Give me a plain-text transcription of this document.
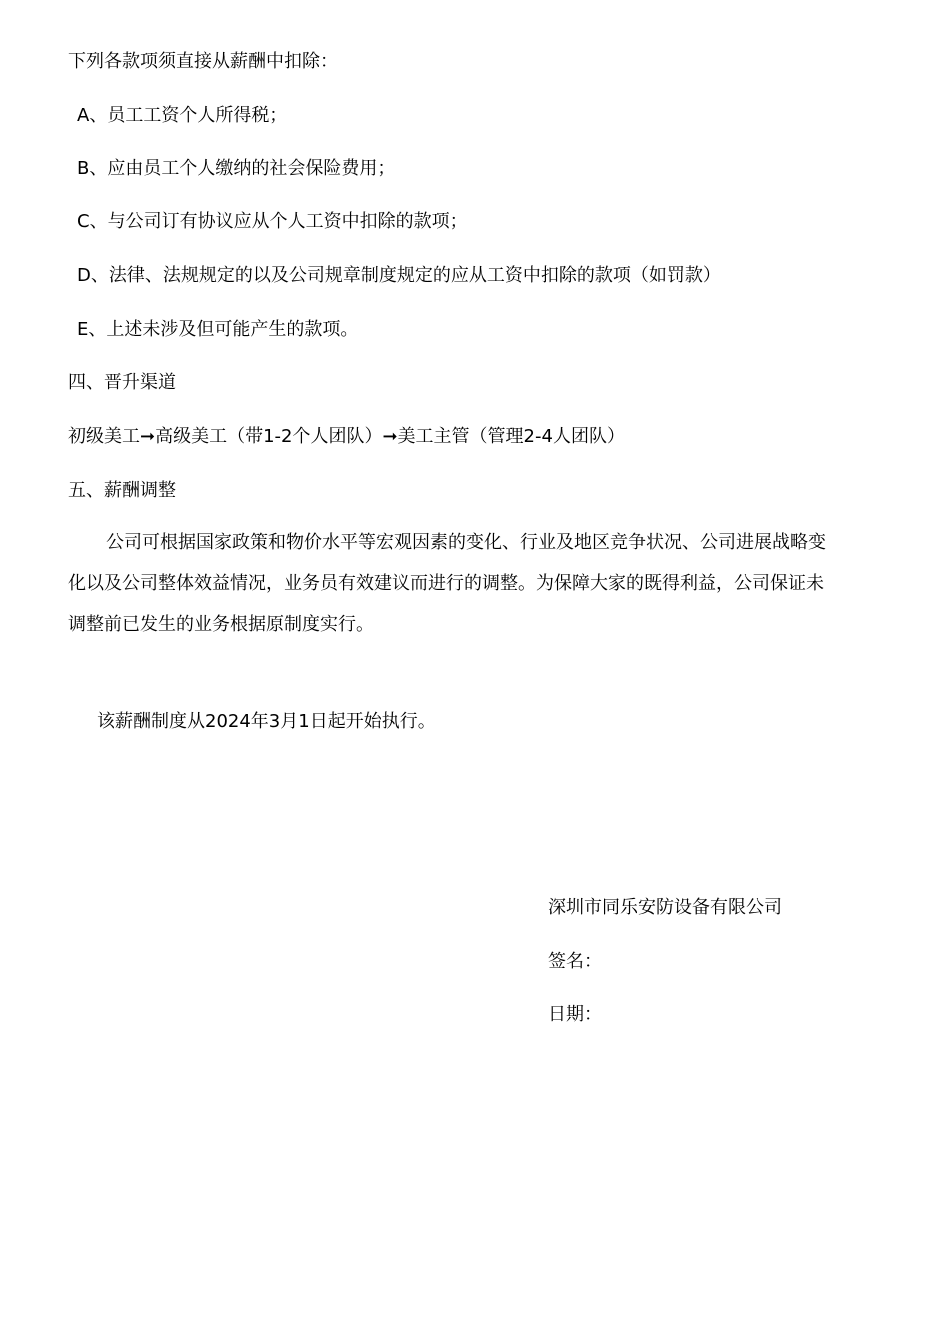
下列各款项须直接从薪酬中扣除：
A、员工工资个人所得税；
B、应由员工个人缴纳的社会保险费用；
C、与公司订有协议应从个人工资中扣除的款项；
D、法律、法规规定的以及公司规章制度规定的应从工资中扣除的款项（如罚款）
E、上述未涉及但可能产生的款项。
四、晋升渠道
初级美工➞高级美工（带1-2个人团队）➞美工主管（管理2-4人团队）
五、薪酬调整
公司可根据国家政策和物价水平等宏观因素的变化、行业及地区竞争状况、公司进展战略变
化以及公司整体效益情况，业务员有效建议而进行的调整。为保障大家的既得利益，公司保证未
调整前已发生的业务根据原制度实行。
该薪酬制度从2024年3月1日起开始执行。
深圳市同乐安防设备有限公司
签名：
日期：
